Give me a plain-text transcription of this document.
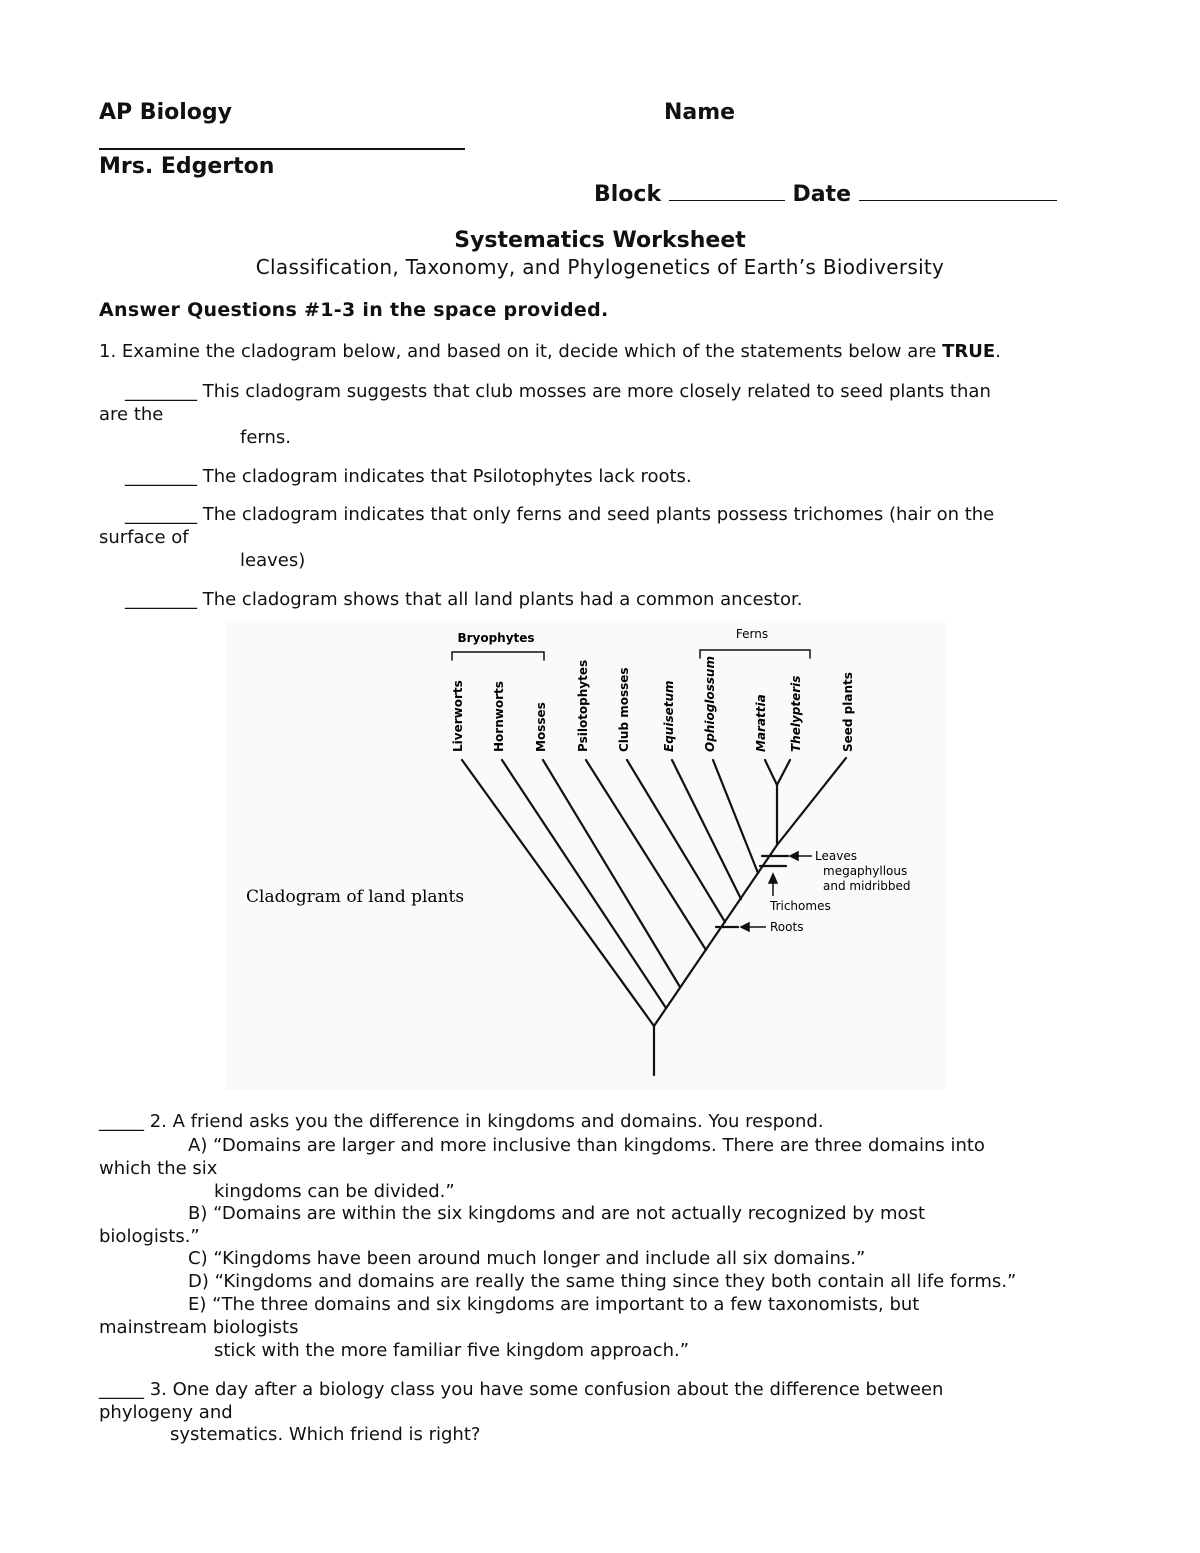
AP Biology	Name
Mrs. Edgerton
Block	Date
Systematics Worksheet
Classification, Taxonomy, and Phylogenetics of Earth’s Biodiversity
Answer Questions #1-3 in the space provided.
1. Examine the cladogram below, and based on it, decide which of the statements below are TRUE.
________ This cladogram suggests that club mosses are more closely related to seed plants than
are the
ferns.
________ The cladogram indicates that Psilotophytes lack roots.
________ The cladogram indicates that only ferns and seed plants possess trichomes (hair on the
surface of
leaves)
________ The cladogram shows that all land plants had a common ancestor.
Bryophytes	Ferns
Liverworts Hornworts Mosses Psilotophytes Club mosses	Equisetum Ophioglossum	Marattia Thelypteris	Seed plants
Leaves
megaphyllous
and midribbed
Trichomes
Roots
Cladogram of land plants
_____ 2. A friend asks you the difference in kingdoms and domains. You respond.
A) “Domains are larger and more inclusive than kingdoms. There are three domains into
which the six
kingdoms can be divided.”
B) “Domains are within the six kingdoms and are not actually recognized by most
biologists.”
C) “Kingdoms have been around much longer and include all six domains.”
D) “Kingdoms and domains are really the same thing since they both contain all life forms.”
E) “The three domains and six kingdoms are important to a few taxonomists, but
mainstream biologists
stick with the more familiar five kingdom approach.”
_____ 3. One day after a biology class you have some confusion about the difference between
phylogeny and
systematics. Which friend is right?
